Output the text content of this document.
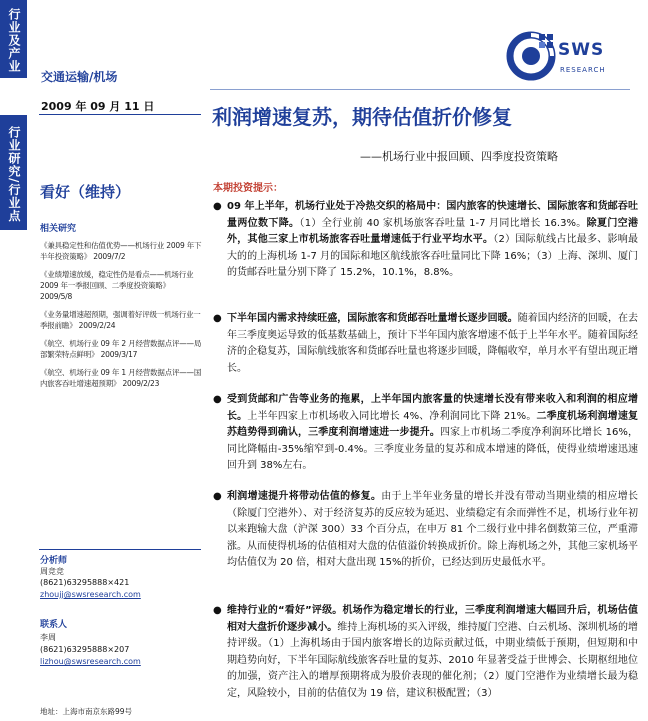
行业及产业
行业研究/行业点
交通运输/机场
2009 年 09 月 11 日
SWS
RESEARCH
利润增速复苏，期待估值折价修复
——机场行业中报回顾、四季度投资策略
看好（维持）
相关研究
《兼具稳定性和估值优势——机场行业 2009 年下半年投资策略》 2009/7/2
《业绩增速放缓，稳定性仍是看点——机场行业 2009 年一季报回顾、二季度投资策略》 2009/5/8
《业务量增速超预期，强调着好评级一机场行业一季报前瞻》 2009/2/24
《航空、机场行业 09 年 2 月经营数据点评——局部繁荣特点鲜明》 2009/3/17
《航空、机场行业 09 年 1 月经营数据点评——国内旅客吞吐增速超预期》 2009/2/23
分析师
周竞竞
(8621)63295888×421
zhoujj@swsresearch.com
联系人
李周
(8621)63295888×207
lizhou@swsresearch.com
地址：上海市南京东路99号
本期投资提示：
● 09 年上半年，机场行业处于冷热交织的格局中：国内旅客的快速增长、国际旅客和货邮吞吐量两位数下降。（1）全行业前 40 家机场旅客吞吐量 1-7 月同比增长 16.3%。除夏门空港外，其他三家上市机场旅客吞吐量增速低于行业平均水平。（2）国际航线占比最多、影响最大的的上海机场 1-7 月的国际和地区航线旅客吞吐量同比下降 16%；（3）上海、深圳、厦门的货邮吞吐量分别下降了 15.2%，10.1%，8.8%。
● 下半年国内需求持续旺盛，国际旅客和货邮吞吐量增长逐步回暖。随着国内经济的回暖，在去年三季度奥运导致的低基数基础上，预计下半年国内旅客增速不低于上半年水平。随着国际经济的企稳复苏，国际航线旅客和货邮吞吐量也将逐步回暖，降幅收窄，单月水平有望出现正增长。
● 受到货邮和广告等业务的拖累，上半年国内旅客量的快速增长没有带来收入和利润的相应增长。上半年四家上市机场收入同比增长 4%、净利润同比下降 21%。二季度机场利润增速复苏趋势得到确认，三季度利润增速进一步提升。四家上市机场二季度净利润环比增长 16%，同比降幅由-35%缩窄到-0.4%。三季度业务量的复苏和成本增速的降低，使得业绩增速迅速回升到 38%左右。
● 利润增速提升将带动估值的修复。由于上半年业务量的增长并没有带动当期业绩的相应增长（除厦门空港外）、对于经济复苏的反应较为延迟、业绩稳定有余而弹性不足，机场行业年初以来跑输大盘（沪深 300）33 个百分点，在申万 81 个二级行业中排名倒数第三位，严重滞涨。从而使得机场的估值相对大盘的估值溢价转换成折价。除上海机场之外，其他三家机场平均估值仅为 20 倍，相对大盘出现 15%的折价，已经达到历史最低水平。
● 维持行业的“看好”评级。机场作为稳定增长的行业，三季度利润增速大幅回升后，机场估值相对大盘折价逐步减小。维持上海机场的买入评级，维持厦门空港、白云机场、深圳机场的增持评级。（1）上海机场由于国内旅客增长的边际贡献过低，中期业绩低于预期，但短期和中期趋势向好，下半年国际航线旅客吞吐量的复苏、2010 年显著受益于世博会、长期枢纽地位的加强，资产注入的增厚预期将成为股价表现的催化剂；（2）厦门空港作为业绩增长最为稳定，风险较小，目前的估值仅为 19 倍，建议积极配置；（3）
